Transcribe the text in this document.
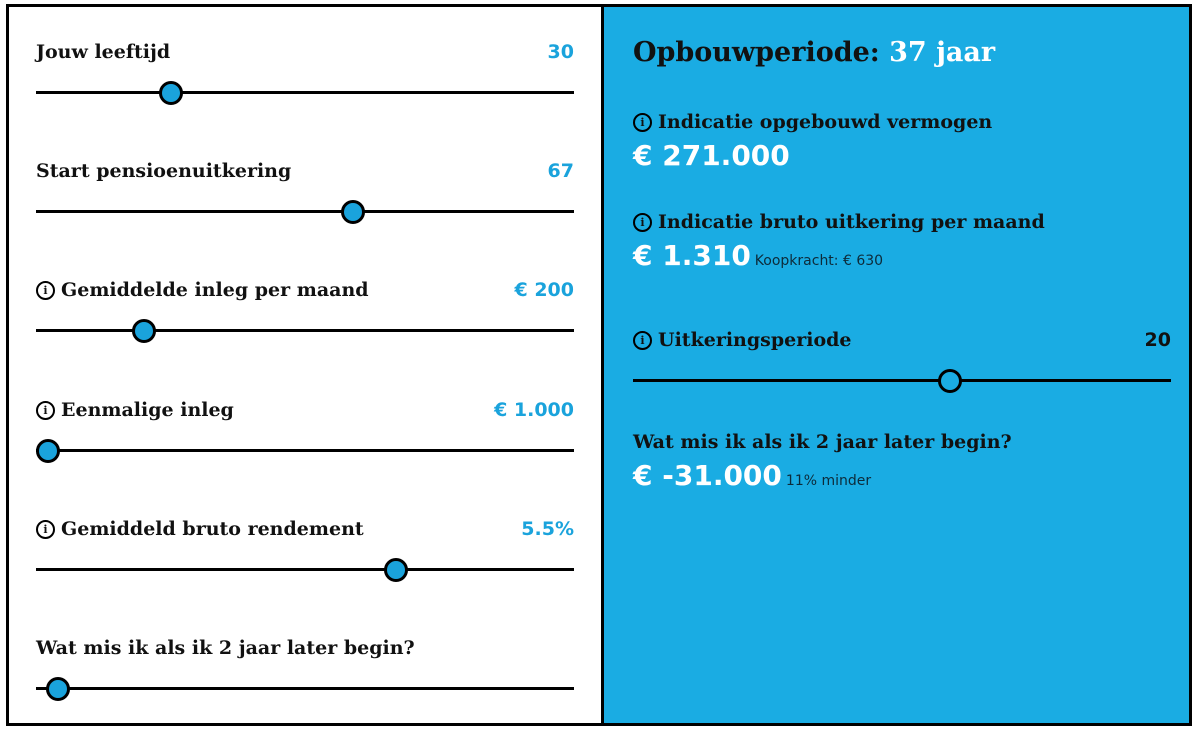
Jouw leeftijd	30
Start pensioenuitkering	67
i Gemiddelde inleg per maand	€ 200
i Eenmalige inleg	€ 1.000
i Gemiddeld bruto rendement	5.5%
Wat mis ik als ik 2 jaar later begin?
Opbouwperiode: 37 jaar
i Indicatie opgebouwd vermogen
€ 271.000
i Indicatie bruto uitkering per maand
€ 1.310 Koopkracht: € 630
i Uitkeringsperiode	20
Wat mis ik als ik 2 jaar later begin?
€ -31.000 11% minder
